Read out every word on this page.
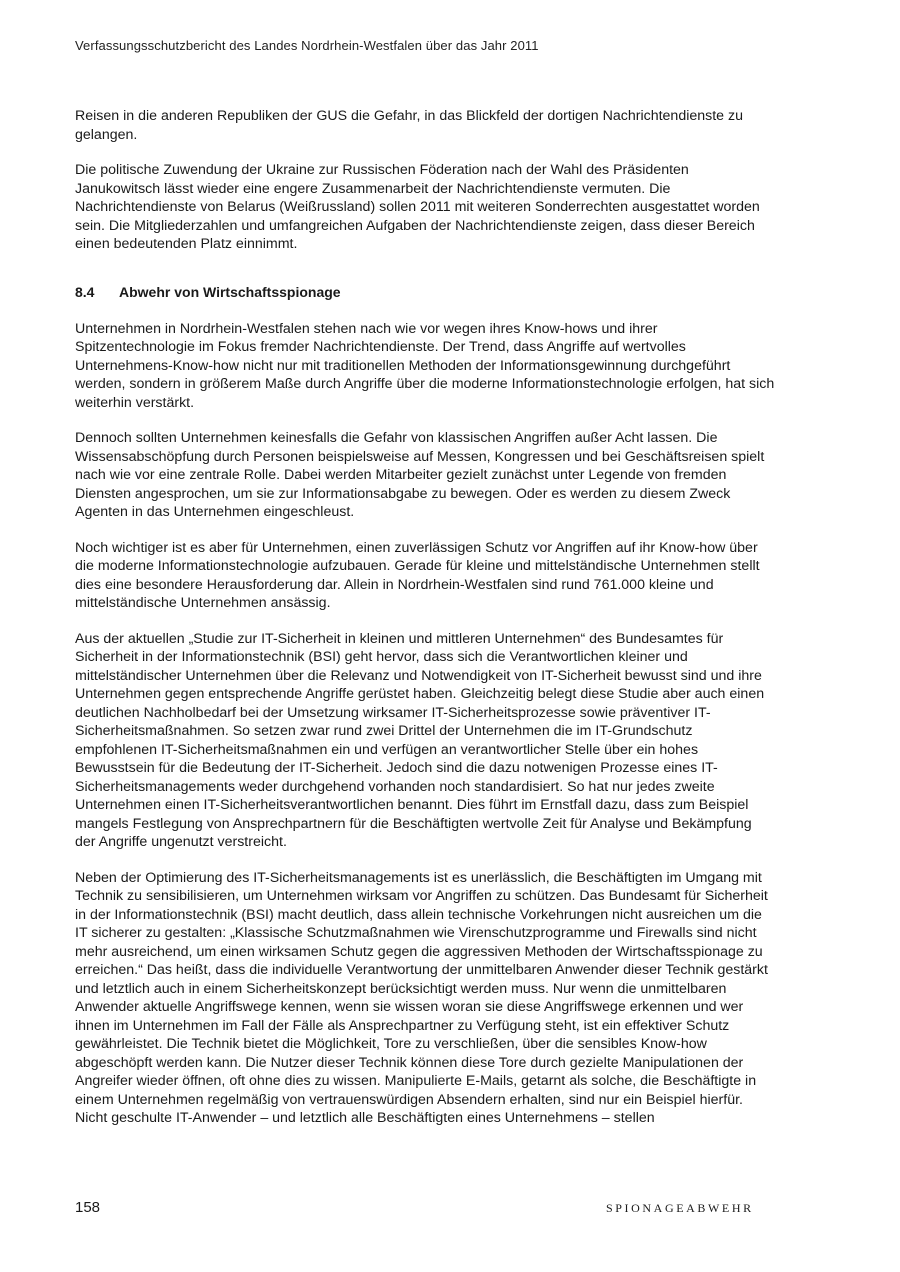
Verfassungsschutzbericht des Landes Nordrhein-Westfalen über das Jahr 2011

Reisen in die anderen Republiken der GUS die Gefahr, in das Blickfeld der dortigen Nachrichtendienste zu gelangen.

Die politische Zuwendung der Ukraine zur Russischen Föderation nach der Wahl des Präsidenten Janukowitsch lässt wieder eine engere Zusammenarbeit der Nachrichtendienste vermuten. Die Nachrichtendienste von Belarus (Weißrussland) sollen 2011 mit weiteren Sonderrechten ausgestattet worden sein. Die Mitgliederzahlen und umfangreichen Aufgaben der Nachrichtendienste zeigen, dass dieser Bereich einen bedeutenden Platz einnimmt.

8.4	Abwehr von Wirtschaftsspionage

Unternehmen in Nordrhein-Westfalen stehen nach wie vor wegen ihres Know-hows und ihrer Spitzentechnologie im Fokus fremder Nachrichtendienste. Der Trend, dass Angriffe auf wertvolles Unternehmens-Know-how nicht nur mit traditionellen Methoden der Informationsgewinnung durchgeführt werden, sondern in größerem Maße durch Angriffe über die moderne Informationstechnologie erfolgen, hat sich weiterhin verstärkt.

Dennoch sollten Unternehmen keinesfalls die Gefahr von klassischen Angriffen außer Acht lassen. Die Wissensabschöpfung durch Personen beispielsweise auf Messen, Kongressen und bei Geschäftsreisen spielt nach wie vor eine zentrale Rolle. Dabei werden Mitarbeiter gezielt zunächst unter Legende von fremden Diensten angesprochen, um sie zur Informationsabgabe zu bewegen. Oder es werden zu diesem Zweck Agenten in das Unternehmen eingeschleust.

Noch wichtiger ist es aber für Unternehmen, einen zuverlässigen Schutz vor Angriffen auf ihr Know-how über die moderne Informationstechnologie aufzubauen. Gerade für kleine und mittelständische Unternehmen stellt dies eine besondere Herausforderung dar. Allein in Nordrhein-Westfalen sind rund 761.000 kleine und mittelständische Unternehmen ansässig.

Aus der aktuellen „Studie zur IT-Sicherheit in kleinen und mittleren Unternehmen“ des Bundesamtes für Sicherheit in der Informationstechnik (BSI) geht hervor, dass sich die Verantwortlichen kleiner und mittelständischer Unternehmen über die Relevanz und Notwendigkeit von IT-Sicherheit bewusst sind und ihre Unternehmen gegen entsprechende Angriffe gerüstet haben. Gleichzeitig belegt diese Studie aber auch einen deutlichen Nachholbedarf bei der Umsetzung wirksamer IT-Sicherheitsprozesse sowie präventiver IT-Sicherheitsmaßnahmen. So setzen zwar rund zwei Drittel der Unternehmen die im IT-Grundschutz empfohlenen IT-Sicherheitsmaßnahmen ein und verfügen an verantwortlicher Stelle über ein hohes Bewusstsein für die Bedeutung der IT-Sicherheit. Jedoch sind die dazu notwenigen Prozesse eines IT-Sicherheitsmanagements weder durchgehend vorhanden noch standardisiert. So hat nur jedes zweite Unternehmen einen IT-Sicherheitsverantwortlichen benannt. Dies führt im Ernstfall dazu, dass zum Beispiel mangels Festlegung von Ansprechpartnern für die Beschäftigten wertvolle Zeit für Analyse und Bekämpfung der Angriffe ungenutzt verstreicht.

Neben der Optimierung des IT-Sicherheitsmanagements ist es unerlässlich, die Beschäftigten im Umgang mit Technik zu sensibilisieren, um Unternehmen wirksam vor Angriffen zu schützen. Das Bundesamt für Sicherheit in der Informationstechnik (BSI) macht deutlich, dass allein technische Vorkehrungen nicht ausreichen um die IT sicherer zu gestalten: „Klassische Schutzmaßnahmen wie Virenschutzprogramme und Firewalls sind nicht mehr ausreichend, um einen wirksamen Schutz gegen die aggressiven Methoden der Wirtschaftsspionage zu erreichen.“ Das heißt, dass die individuelle Verantwortung der unmittelbaren Anwender dieser Technik gestärkt und letztlich auch in einem Sicherheitskonzept berücksichtigt werden muss. Nur wenn die unmittelbaren Anwender aktuelle Angriffswege kennen, wenn sie wissen woran sie diese Angriffswege erkennen und wer ihnen im Unternehmen im Fall der Fälle als Ansprechpartner zu Verfügung steht, ist ein effektiver Schutz gewährleistet. Die Technik bietet die Möglichkeit, Tore zu verschließen, über die sensibles Know-how abgeschöpft werden kann. Die Nutzer dieser Technik können diese Tore durch gezielte Manipulationen der Angreifer wieder öffnen, oft ohne dies zu wissen. Manipulierte E-Mails, getarnt als solche, die Beschäftigte in einem Unternehmen regelmäßig von vertrauenswürdigen Absendern erhalten, sind nur ein Beispiel hierfür. Nicht geschulte IT-Anwender – und letztlich alle Beschäftigten eines Unternehmens – stellen

158	SPIONAGEABWEHR
